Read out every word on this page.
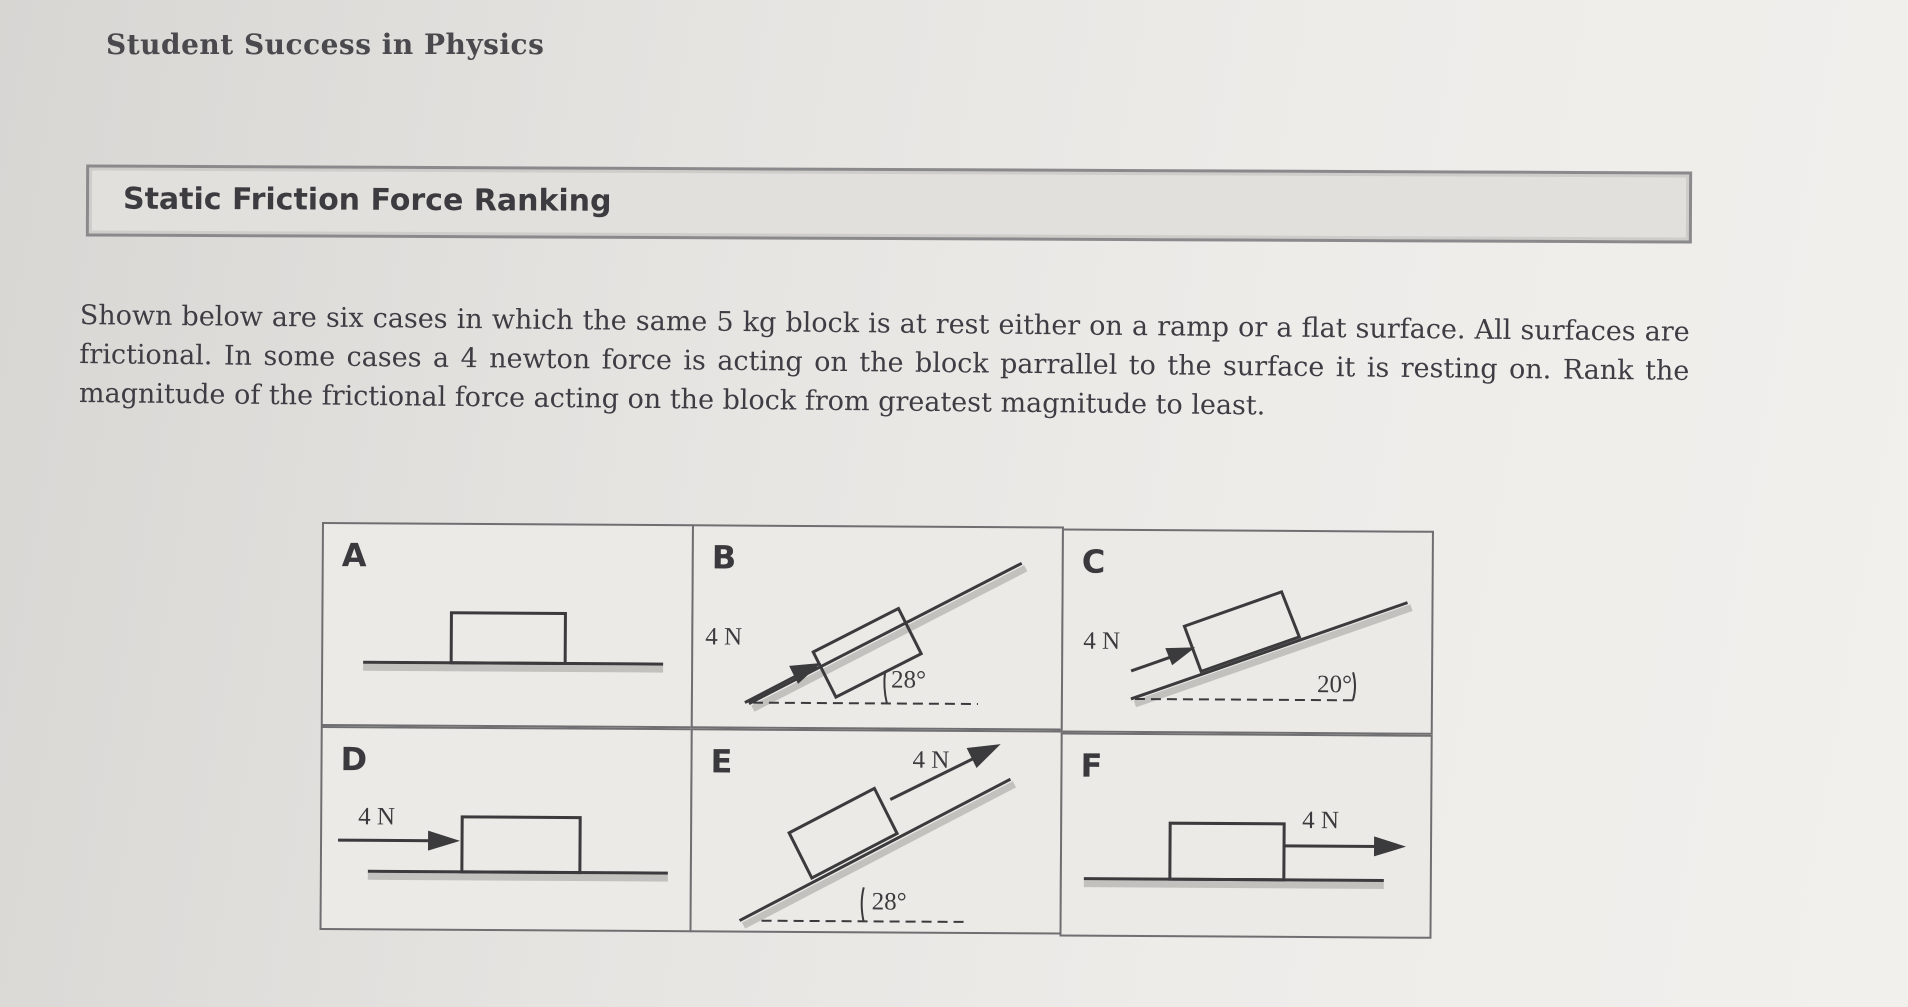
Student Success in Physics
Static Friction Force Ranking
Shown below are six cases in which the same 5 kg block is at rest either on a ramp or a flat surface. All surfaces are frictional. In some cases a 4 newton force is acting on the block parrallel to the surface it is resting on. Rank the magnitude of the frictional force acting on the block from greatest magnitude to least.
A	B
4 N
28°
C
4 N
20°
D
4 N
E	4 N
28°
F
4 N
